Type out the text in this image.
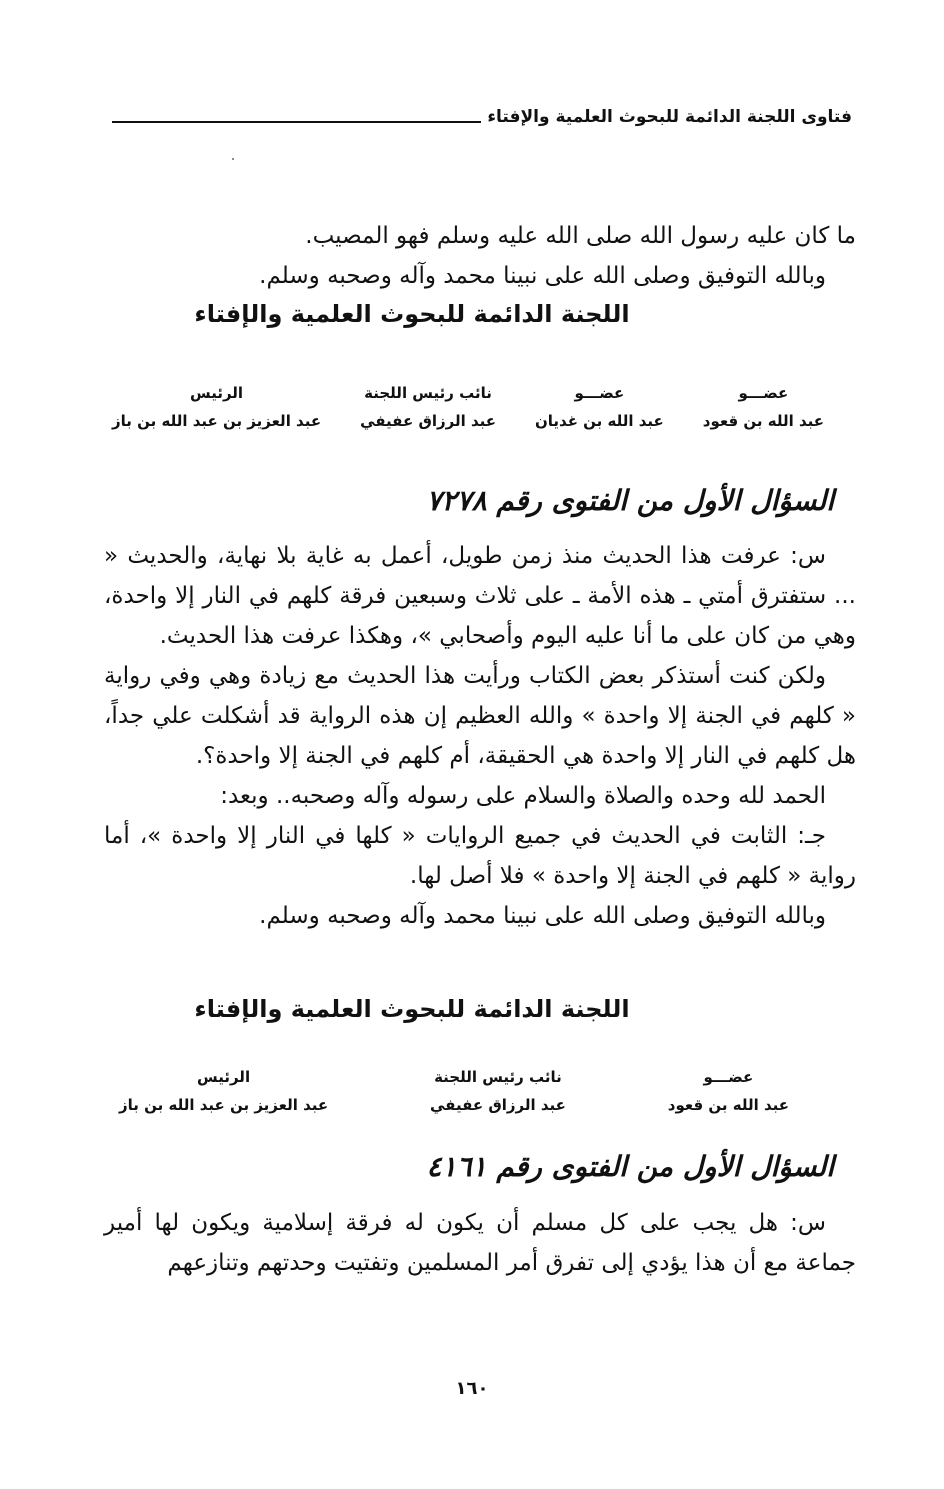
فتاوى اللجنة الدائمة للبحوث العلمية والإفتاء
ما كان عليه رسول الله صلى الله عليه وسلم فهو المصيب.
وبالله التوفيق وصلى الله على نبينا محمد وآله وصحبه وسلم.
اللجنة الدائمة للبحوث العلمية والإفتاء
عضـــو
عبد الله بن قعود
عضـــو
عبد الله بن غديان
نائب رئيس اللجنة
عبد الرزاق عفيفي
الرئيس
عبد العزيز بن عبد الله بن باز
السؤال الأول من الفتوى رقم ٧٢٧٨
س: عرفت هذا الحديث منذ زمن طويل، أعمل به غاية بلا نهاية، والحديث « ... ستفترق أمتي ـ هذه الأمة ـ على ثلاث وسبعين فرقة كلهم في النار إلا واحدة، وهي من كان على ما أنا عليه اليوم وأصحابي »، وهكذا عرفت هذا الحديث.
ولكن كنت أستذكر بعض الكتاب ورأيت هذا الحديث مع زيادة وهي وفي رواية « كلهم في الجنة إلا واحدة » والله العظيم إن هذه الرواية قد أشكلت علي جداً، هل كلهم في النار إلا واحدة هي الحقيقة، أم كلهم في الجنة إلا واحدة؟.
الحمد لله وحده والصلاة والسلام على رسوله وآله وصحبه.. وبعد:
جـ: الثابت في الحديث في جميع الروايات « كلها في النار إلا واحدة »، أما رواية « كلهم في الجنة إلا واحدة » فلا أصل لها.
وبالله التوفيق وصلى الله على نبينا محمد وآله وصحبه وسلم.
اللجنة الدائمة للبحوث العلمية والإفتاء
عضـــو
عبد الله بن قعود
نائب رئيس اللجنة
عبد الرزاق عفيفي
الرئيس
عبد العزيز بن عبد الله بن باز
السؤال الأول من الفتوى رقم ٤١٦١
س: هل يجب على كل مسلم أن يكون له فرقة إسلامية ويكون لها أمير جماعة مع أن هذا يؤدي إلى تفرق أمر المسلمين وتفتيت وحدتهم وتنازعهم
١٦٠
